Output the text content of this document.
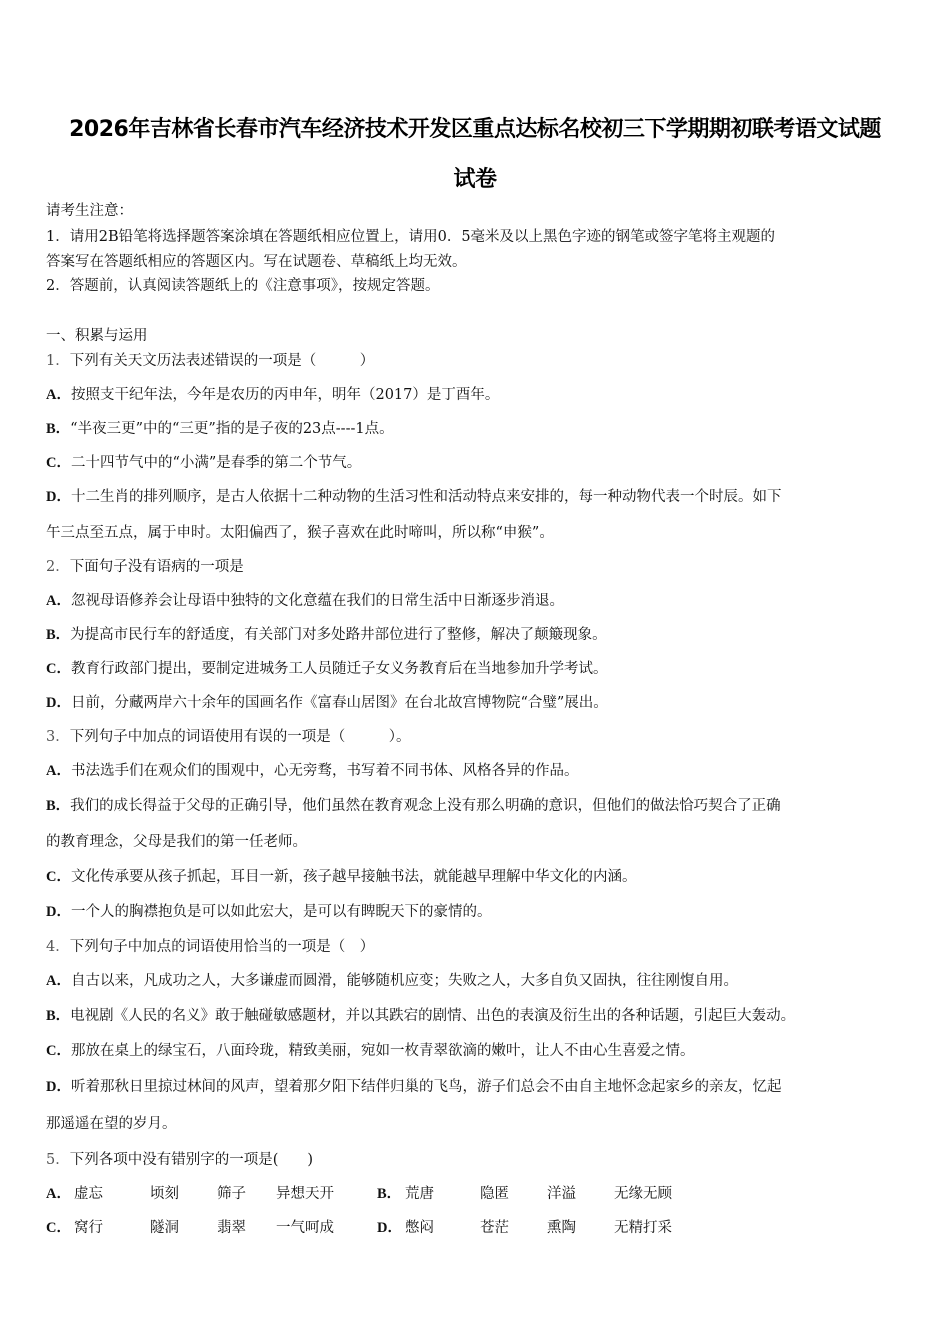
2026年吉林省长春市汽车经济技术开发区重点达标名校初三下学期期初联考语文试题
试卷
请考生注意：
1．请用2B铅笔将选择题答案涂填在答题纸相应位置上，请用0．5毫米及以上黑色字迹的钢笔或签字笔将主观题的
答案写在答题纸相应的答题区内。写在试题卷、草稿纸上均无效。
2．答题前，认真阅读答题纸上的《注意事项》，按规定答题。
一、积累与运用
1．下列有关天文历法表述错误的一项是（　　　）
A．按照支干纪年法，今年是农历的丙申年，明年（2017）是丁酉年。
B．“半夜三更”中的“三更”指的是子夜的23点----1点。
C．二十四节气中的“小满”是春季的第二个节气。
D．十二生肖的排列顺序，是古人依据十二种动物的生活习性和活动特点来安排的，每一种动物代表一个时辰。如下
午三点至五点，属于申时。太阳偏西了，猴子喜欢在此时啼叫，所以称“申猴”。
2．下面句子没有语病的一项是
A．忽视母语修养会让母语中独特的文化意蕴在我们的日常生活中日渐逐步消退。
B．为提高市民行车的舒适度，有关部门对多处路井部位进行了整修，解决了颠簸现象。
C．教育行政部门提出，要制定进城务工人员随迁子女义务教育后在当地参加升学考试。
D．日前，分藏两岸六十余年的国画名作《富春山居图》在台北故宫博物院“合璧”展出。
3．下列句子中加点的词语使用有误的一项是（　　　）。
A．书法选手们在观众们的围观中，心无旁骛，书写着不同书体、风格各异的作品。
B．我们的成长得益于父母的正确引导，他们虽然在教育观念上没有那么明确的意识，但他们的做法恰巧契合了正确
的教育理念，父母是我们的第一任老师。
C．文化传承要从孩子抓起，耳目一新，孩子越早接触书法，就能越早理解中华文化的内涵。
D．一个人的胸襟抱负是可以如此宏大，是可以有睥睨天下的豪情的。
4．下列句子中加点的词语使用恰当的一项是（　）
A．自古以来，凡成功之人，大多谦虚而圆滑，能够随机应变；失败之人，大多自负又固执，往往刚愎自用。
B．电视剧《人民的名义》敢于触碰敏感题材，并以其跌宕的剧情、出色的表演及衍生出的各种话题，引起巨大轰动。
C．那放在桌上的绿宝石，八面玲珑，精致美丽，宛如一枚青翠欲滴的嫩叶，让人不由心生喜爱之情。
D．听着那秋日里掠过林间的风声，望着那夕阳下结伴归巢的飞鸟，游子们总会不由自主地怀念起家乡的亲友，忆起
那遥遥在望的岁月。
5．下列各项中没有错别字的一项是(　　)
A． 虚忘	顷刻	筛子 异想天开	B． 荒唐	隐匿	洋溢	无缘无顾
C． 窝行	隧洞	翡翠 一气呵成	D． 憋闷	苍茫	熏陶	无精打采
